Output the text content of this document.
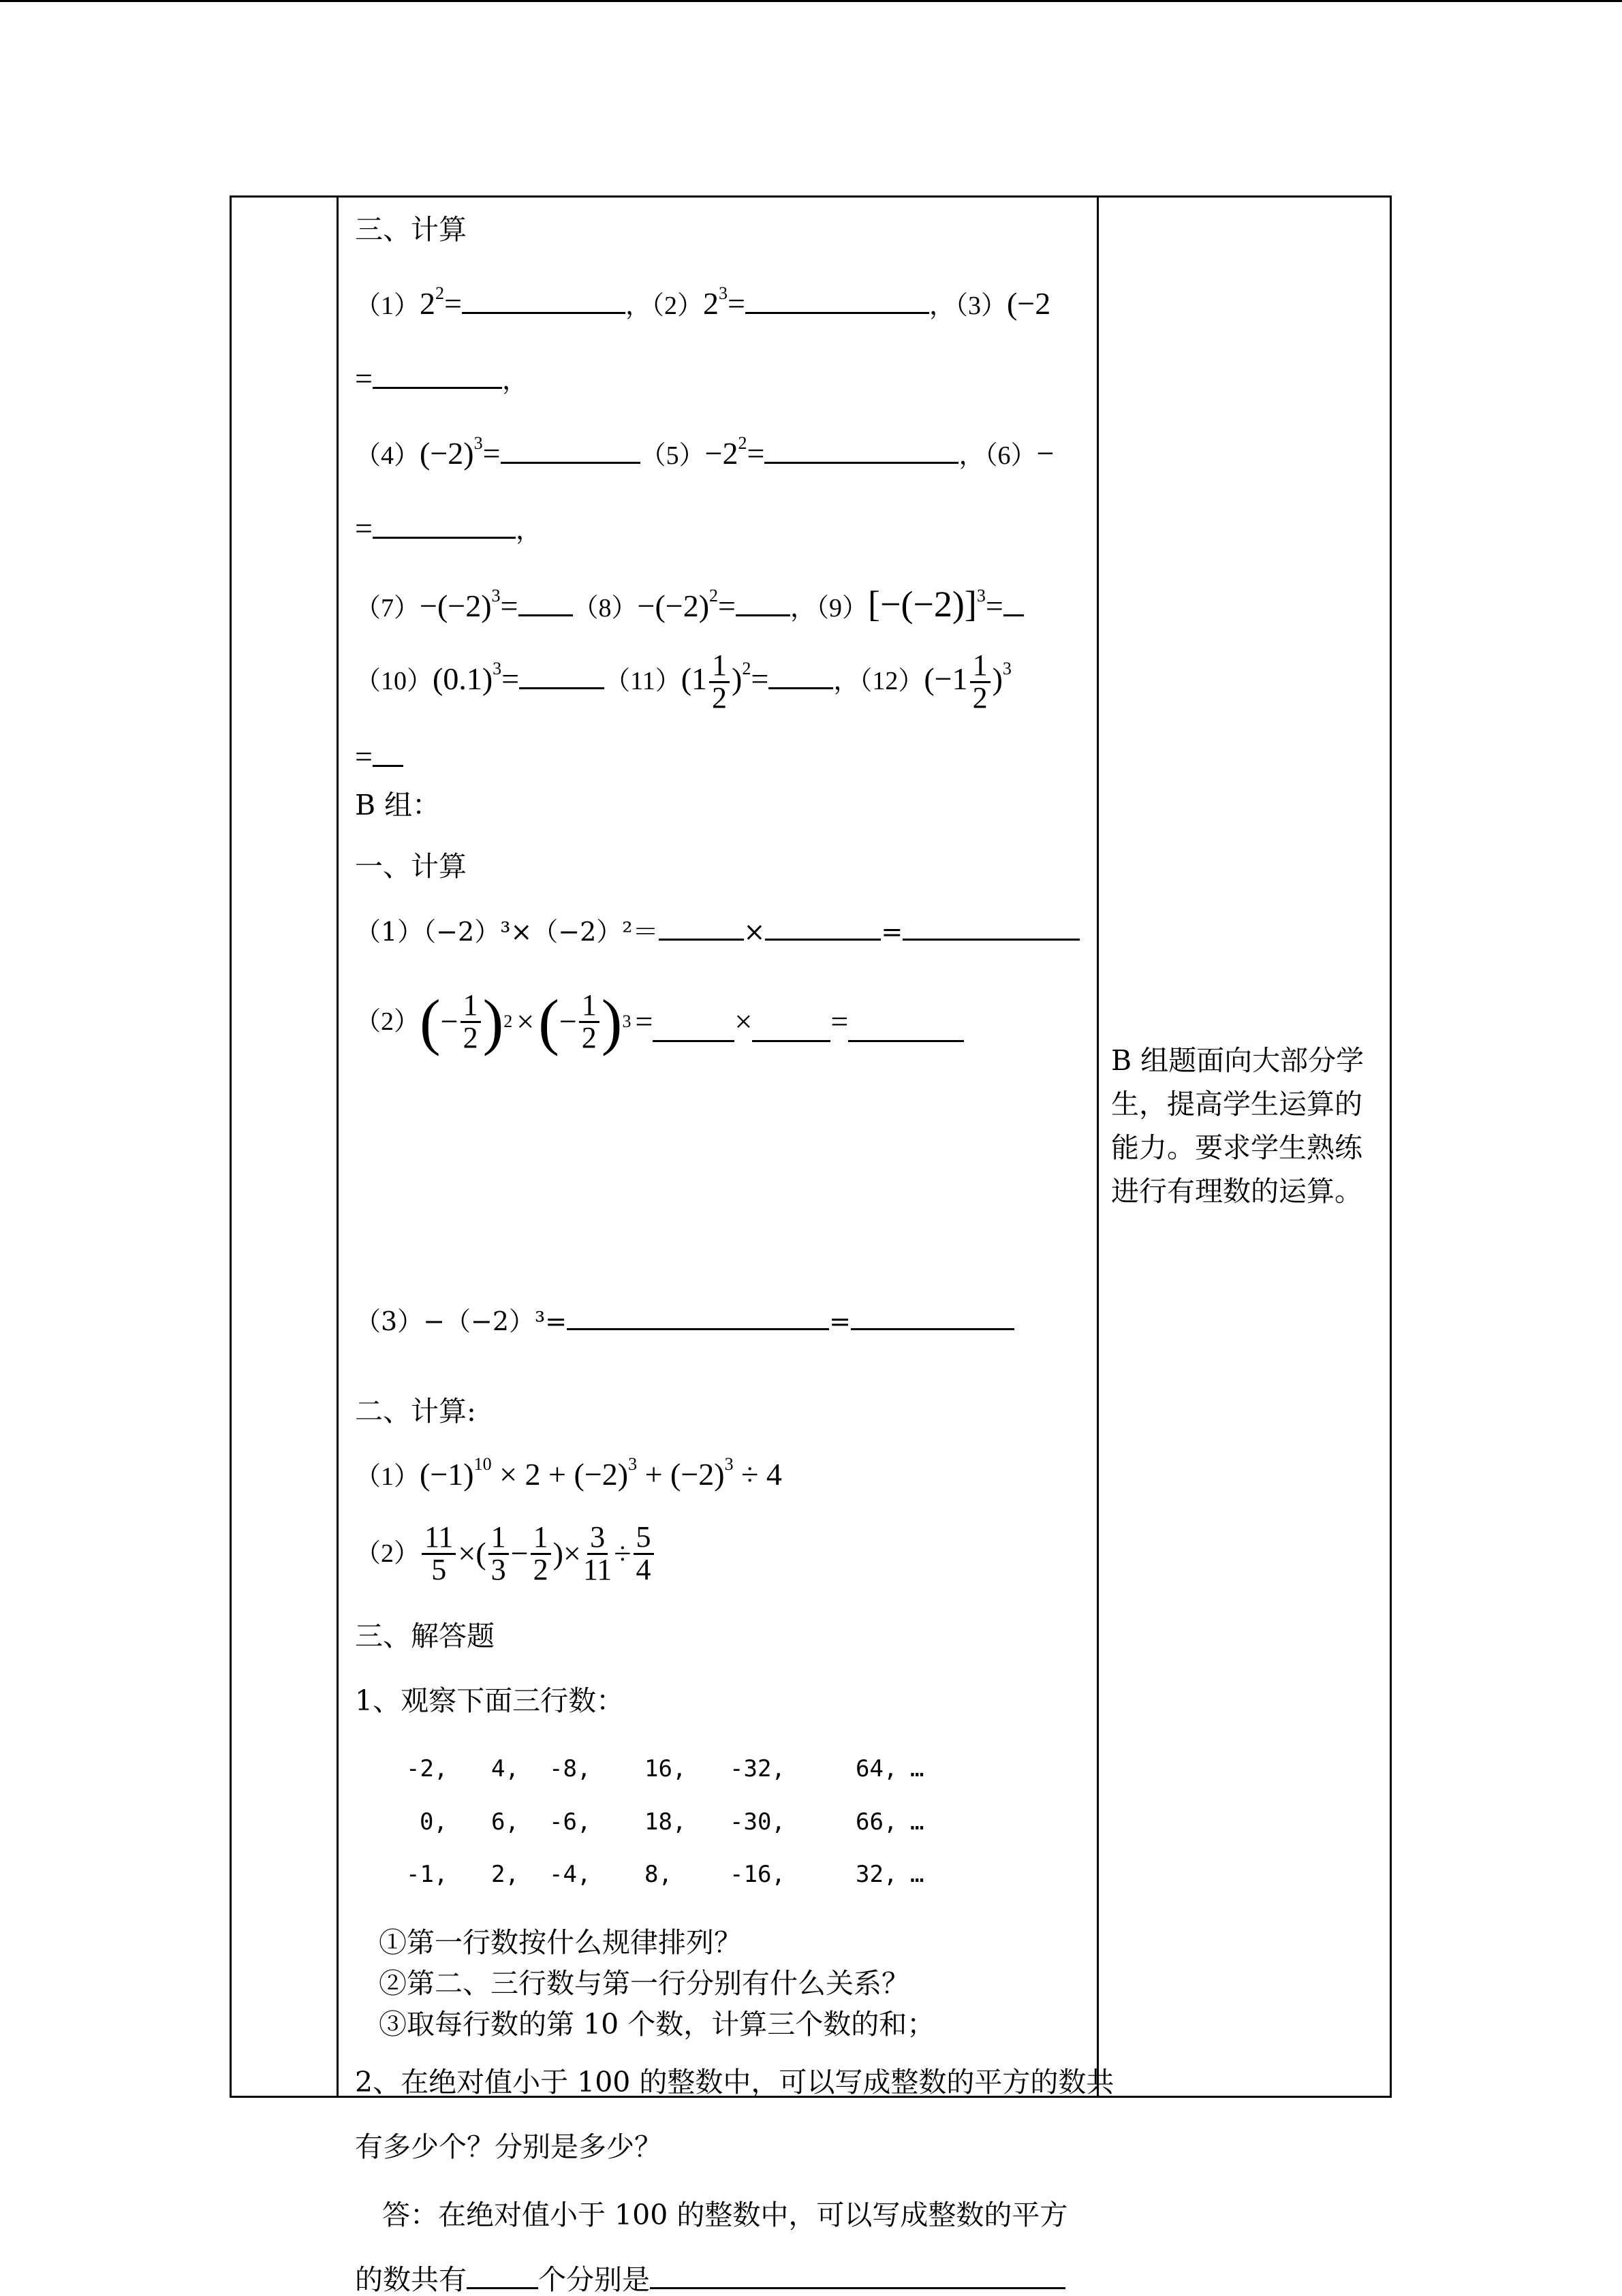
三、计算
$(1)2^2=$	，$(2)2^3=$	，（3）(−2
=	，
$(4)(-2)^3=$	$(5)-2^2=$	，（6）−
=	，
$(7)-(-2)^3= (8)-(-2)^2=$ ，$(9)[-(-2)]^3=$
$(10)(0.1)^3=$	$(11)(1 \frac{1}{2} )^2=$	，$(12)(-1 \frac{1}{2} )^3$
=
B 组：
一、计算
（1）（−2）³×（−2）²＝	×	=
（2） ( − $\frac{1}{2}$ ) 2 × ( − $\frac{1}{2}$ ) 3 =	×	=
（3）−（−2）³=	=
二、计算:
$(1)(-1)^{10} \times 2 + (-2)^3 + (-2)^3 \div 4$
$(2) \frac{11}{5}$ ×( $\frac{1}{3} - \frac{1}{2}$ )× $\frac{3}{11} \div \frac{5}{4}$
三、解答题
1、观察下面三行数：
-2, 4, -8, 16, -32,	64, …
0, 6, -6, 18, -30,	66, …
-1, 2, -4, 8, -16,	32, …
①第一行数按什么规律排列？
②第二、三行数与第一行分别有什么关系？
③取每行数的第 10 个数，计算三个数的和；
2、在绝对值小于 100 的整数中，可以写成整数的平方的数共
有多少个？分别是多少？
答：在绝对值小于 100 的整数中，可以写成整数的平方
的数共有	个分别是
B 组题面向大部分学生，提高学生运算的能力。要求学生熟练进行有理数的运算。
